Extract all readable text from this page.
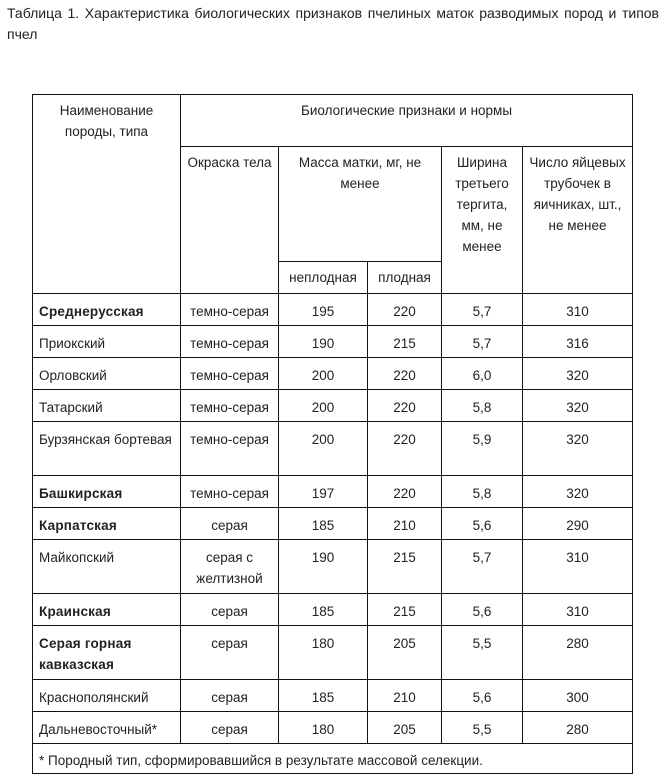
Таблица 1. Характеристика биологических признаков пчелиных маток разводимых пород и типов пчел
Наименование породы, типа	Биологические признаки и нормы				
	Окраска тела	Масса матки, мг, не менее		Ширина третьего тергита, мм, не менее	Число яйцевых трубочек в яичниках, шт., не менее
		неплодная	плодная		
Среднерусская	темно-серая	195	220	5,7	310
Приокский	темно-серая	190	215	5,7	316
Орловский	темно-серая	200	220	6,0	320
Татарский	темно-серая	200	220	5,8	320
Бурзянская бортевая	темно-серая	200	220	5,9	320
Башкирская	темно-серая	197	220	5,8	320
Карпатская	серая	185	210	5,6	290
Майкопский	серая с желтизной	190	215	5,7	310
Краинская	серая	185	215	5,6	310
Серая горная кавказская	серая	180	205	5,5	280
Краснополянский	серая	185	210	5,6	300
Дальневосточный*	серая	180	205	5,5	280
* Породный тип, сформировавшийся в результате массовой селекции.					
